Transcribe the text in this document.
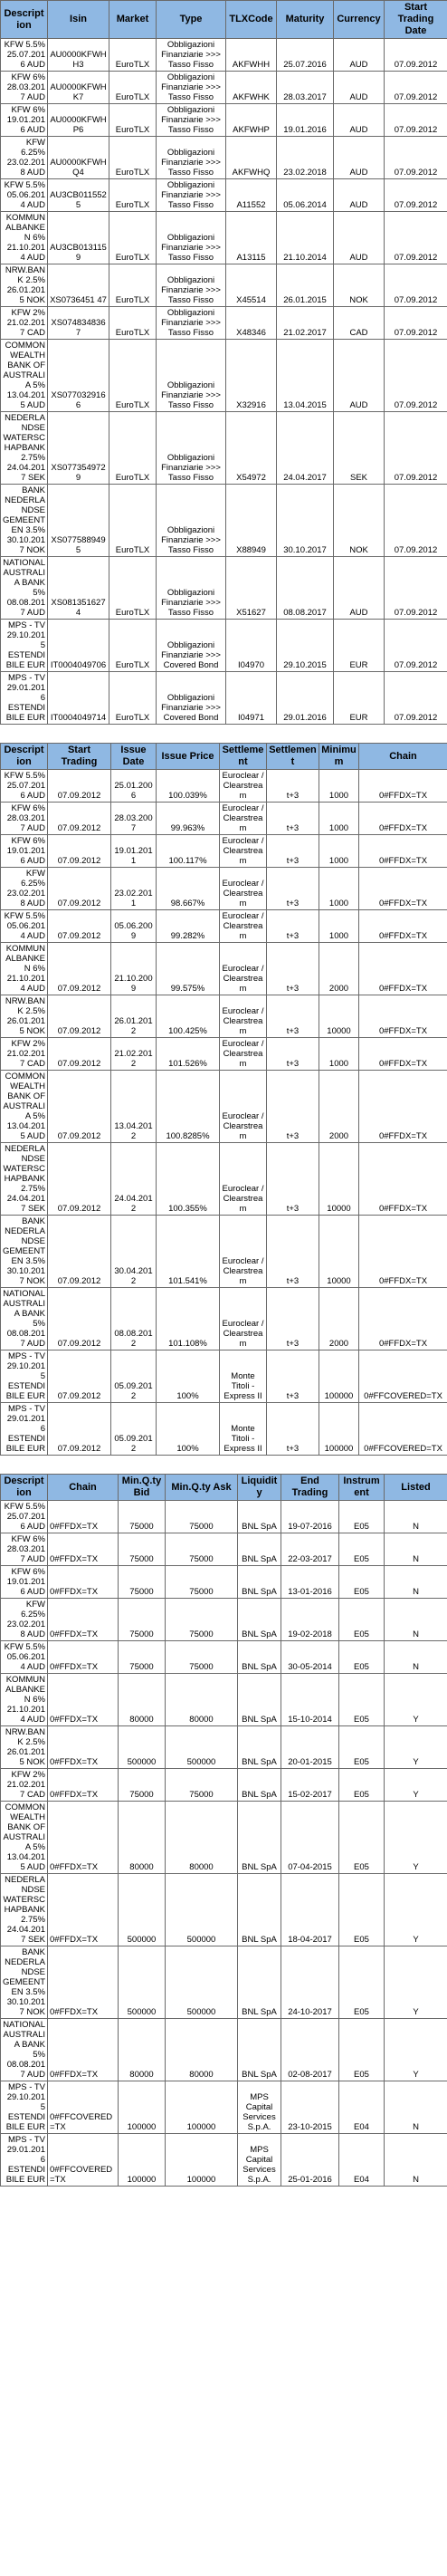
Description	Isin	Market	Type	TLXCode	Maturity	Currency	Start Trading Date
KFW 5.5% 25.07.2016 AUD	AU0000KFWHH3	EuroTLX	Obbligazioni Finanziarie >>> Tasso Fisso	AKFWHH	25.07.2016	AUD	07.09.2012
KFW 6% 28.03.2017 AUD	AU0000KFWHK7	EuroTLX	Obbligazioni Finanziarie >>> Tasso Fisso	AKFWHK	28.03.2017	AUD	07.09.2012
KFW 6% 19.01.2016 AUD	AU0000KFWHP6	EuroTLX	Obbligazioni Finanziarie >>> Tasso Fisso	AKFWHP	19.01.2016	AUD	07.09.2012
KFW 6.25% 23.02.2018 AUD	AU0000KFWHQ4	EuroTLX	Obbligazioni Finanziarie >>> Tasso Fisso	AKFWHQ	23.02.2018	AUD	07.09.2012
KFW 5.5% 05.06.2014 AUD	AU3CB0115525	EuroTLX	Obbligazioni Finanziarie >>> Tasso Fisso	A11552	05.06.2014	AUD	07.09.2012
KOMMUNALBANKEN 6% 21.10.2014 AUD	AU3CB0131159	EuroTLX	Obbligazioni Finanziarie >>> Tasso Fisso	A13115	21.10.2014	AUD	07.09.2012
NRW.BANK 2.5% 26.01.2015 NOK	XS0736451 47	EuroTLX	Obbligazioni Finanziarie >>> Tasso Fisso	X45514	26.01.2015	NOK	07.09.2012
KFW 2% 21.02.2017 CAD	XS0748348367	EuroTLX	Obbligazioni Finanziarie >>> Tasso Fisso	X48346	21.02.2017	CAD	07.09.2012
COMMONWEALTH BANK OF AUSTRALIA 5% 13.04.2015 AUD	XS0770329166	EuroTLX	Obbligazioni Finanziarie >>> Tasso Fisso	X32916	13.04.2015	AUD	07.09.2012
NEDERLANDSE WATERSCHAPBANK 2.75% 24.04.2017 SEK	XS0773549729	EuroTLX	Obbligazioni Finanziarie >>> Tasso Fisso	X54972	24.04.2017	SEK	07.09.2012
BANK NEDERLANDSE GEMEENTEN 3.5% 30.10.2017 NOK	XS0775889495	EuroTLX	Obbligazioni Finanziarie >>> Tasso Fisso	X88949	30.10.2017	NOK	07.09.2012
NATIONAL AUSTRALIA BANK 5% 08.08.2017 AUD	XS0813516274	EuroTLX	Obbligazioni Finanziarie >>> Tasso Fisso	X51627	08.08.2017	AUD	07.09.2012
MPS - TV 29.10.2015 ESTENDIBILE EUR	IT0004049706	EuroTLX	Obbligazioni Finanziarie >>> Covered Bond	I04970	29.10.2015	EUR	07.09.2012
MPS - TV 29.01.2016 ESTENDIBILE EUR	IT0004049714	EuroTLX	Obbligazioni Finanziarie >>> Covered Bond	I04971	29.01.2016	EUR	07.09.2012
Description	Start Trading	Issue Date	Issue Price	Settlement	Settlement	Minimum	Chain
KFW 5.5% 25.07.2016 AUD	07.09.2012	25.01.2006	100.039%	Euroclear / Clearstream	t+3	1000	0#FFDX=TX
KFW 6% 28.03.2017 AUD	07.09.2012	28.03.2007	99.963%	Euroclear / Clearstream	t+3	1000	0#FFDX=TX
KFW 6% 19.01.2016 AUD	07.09.2012	19.01.2011	100.117%	Euroclear / Clearstream	t+3	1000	0#FFDX=TX
KFW 6.25% 23.02.2018 AUD	07.09.2012	23.02.2011	98.667%	Euroclear / Clearstream	t+3	1000	0#FFDX=TX
KFW 5.5% 05.06.2014 AUD	07.09.2012	05.06.2009	99.282%	Euroclear / Clearstream	t+3	1000	0#FFDX=TX
KOMMUNALBANKEN 6% 21.10.2014 AUD	07.09.2012	21.10.2009	99.575%	Euroclear / Clearstream	t+3	2000	0#FFDX=TX
NRW.BANK 2.5% 26.01.2015 NOK	07.09.2012	26.01.2012	100.425%	Euroclear / Clearstream	t+3	10000	0#FFDX=TX
KFW 2% 21.02.2017 CAD	07.09.2012	21.02.2012	101.526%	Euroclear / Clearstream	t+3	1000	0#FFDX=TX
COMMONWEALTH BANK OF AUSTRALIA 5% 13.04.2015 AUD	07.09.2012	13.04.2012	100.8285%	Euroclear / Clearstream	t+3	2000	0#FFDX=TX
NEDERLANDSE WATERSCHAPBANK 2.75% 24.04.2017 SEK	07.09.2012	24.04.2012	100.355%	Euroclear / Clearstream	t+3	10000	0#FFDX=TX
BANK NEDERLANDSE GEMEENTEN 3.5% 30.10.2017 NOK	07.09.2012	30.04.2012	101.541%	Euroclear / Clearstream	t+3	10000	0#FFDX=TX
NATIONAL AUSTRALIA BANK 5% 08.08.2017 AUD	07.09.2012	08.08.2012	101.108%	Euroclear / Clearstream	t+3	2000	0#FFDX=TX
MPS - TV 29.10.2015 ESTENDIBILE EUR	07.09.2012	05.09.2012	100%	Monte Titoli - Express II	t+3	100000	0#FFCOVERED=TX
MPS - TV 29.01.2016 ESTENDIBILE EUR	07.09.2012	05.09.2012	100%	Monte Titoli - Express II	t+3	100000	0#FFCOVERED=TX
Description	Chain	Min.Q.ty Bid	Min.Q.ty Ask	Liquidity	End Trading	Instrument	Listed
KFW 5.5% 25.07.2016 AUD	0#FFDX=TX	75000	75000	BNL SpA	19-07-2016	E05	N
KFW 6% 28.03.2017 AUD	0#FFDX=TX	75000	75000	BNL SpA	22-03-2017	E05	N
KFW 6% 19.01.2016 AUD	0#FFDX=TX	75000	75000	BNL SpA	13-01-2016	E05	N
KFW 6.25% 23.02.2018 AUD	0#FFDX=TX	75000	75000	BNL SpA	19-02-2018	E05	N
KFW 5.5% 05.06.2014 AUD	0#FFDX=TX	75000	75000	BNL SpA	30-05-2014	E05	N
KOMMUNALBANKEN 6% 21.10.2014 AUD	0#FFDX=TX	80000	80000	BNL SpA	15-10-2014	E05	Y
NRW.BANK 2.5% 26.01.2015 NOK	0#FFDX=TX	500000	500000	BNL SpA	20-01-2015	E05	Y
KFW 2% 21.02.2017 CAD	0#FFDX=TX	75000	75000	BNL SpA	15-02-2017	E05	Y
COMMONWEALTH BANK OF AUSTRALIA 5% 13.04.2015 AUD	0#FFDX=TX	80000	80000	BNL SpA	07-04-2015	E05	Y
NEDERLANDSE WATERSCHAPBANK 2.75% 24.04.2017 SEK	0#FFDX=TX	500000	500000	BNL SpA	18-04-2017	E05	Y
BANK NEDERLANDSE GEMEENTEN 3.5% 30.10.2017 NOK	0#FFDX=TX	500000	500000	BNL SpA	24-10-2017	E05	Y
NATIONAL AUSTRALIA BANK 5% 08.08.2017 AUD	0#FFDX=TX	80000	80000	BNL SpA	02-08-2017	E05	Y
MPS - TV 29.10.2015 ESTENDIBILE EUR	0#FFCOVERED=TX	100000	100000	MPS Capital Services S.p.A.	23-10-2015	E04	N
MPS - TV 29.01.2016 ESTENDIBILE EUR	0#FFCOVERED=TX	100000	100000	MPS Capital Services S.p.A.	25-01-2016	E04	N
